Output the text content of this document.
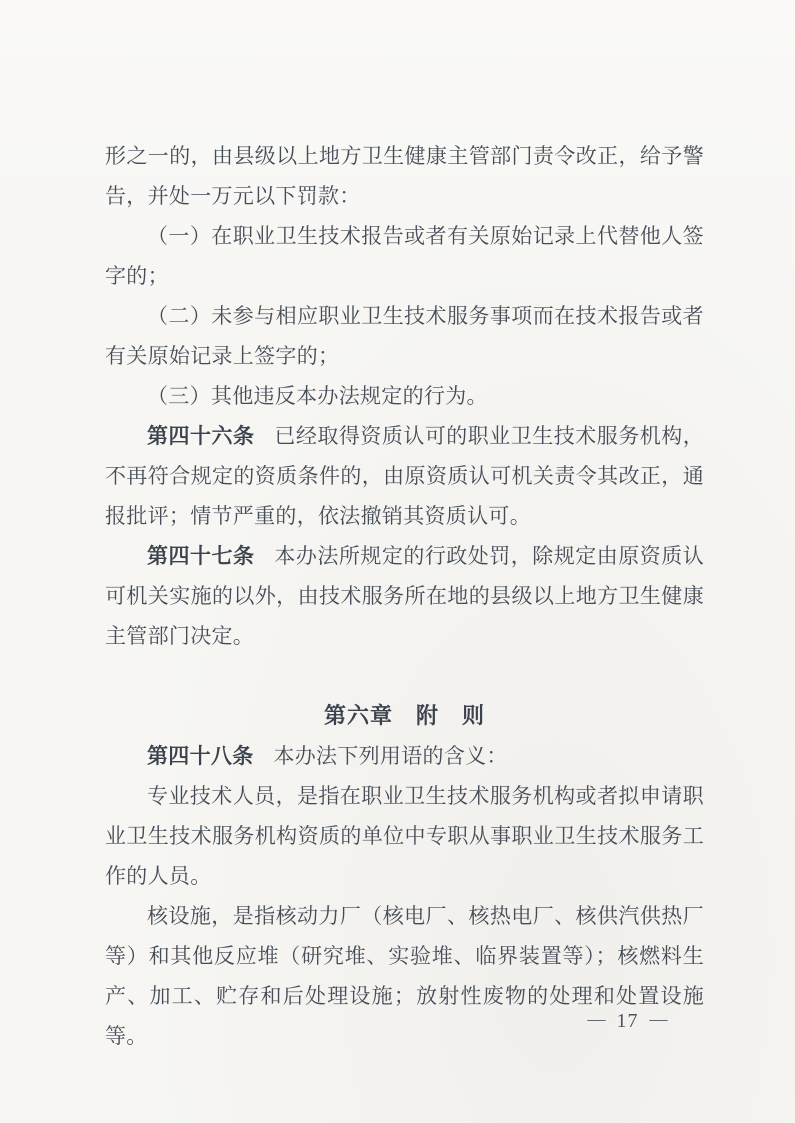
形之一的，由县级以上地方卫生健康主管部门责令改正，给予警告，并处一万元以下罚款：

（一）在职业卫生技术报告或者有关原始记录上代替他人签字的；

（二）未参与相应职业卫生技术服务事项而在技术报告或者有关原始记录上签字的；

（三）其他违反本办法规定的行为。

第四十六条 已经取得资质认可的职业卫生技术服务机构，不再符合规定的资质条件的，由原资质认可机关责令其改正，通报批评；情节严重的，依法撤销其资质认可。

第四十七条 本办法所规定的行政处罚，除规定由原资质认可机关实施的以外，由技术服务所在地的县级以上地方卫生健康主管部门决定。

第六章　附　则

第四十八条 本办法下列用语的含义：

专业技术人员，是指在职业卫生技术服务机构或者拟申请职业卫生技术服务机构资质的单位中专职从事职业卫生技术服务工作的人员。

核设施，是指核动力厂（核电厂、核热电厂、核供汽供热厂等）和其他反应堆（研究堆、实验堆、临界装置等）；核燃料生产、加工、贮存和后处理设施；放射性废物的处理和处置设施等。

— 17 —
